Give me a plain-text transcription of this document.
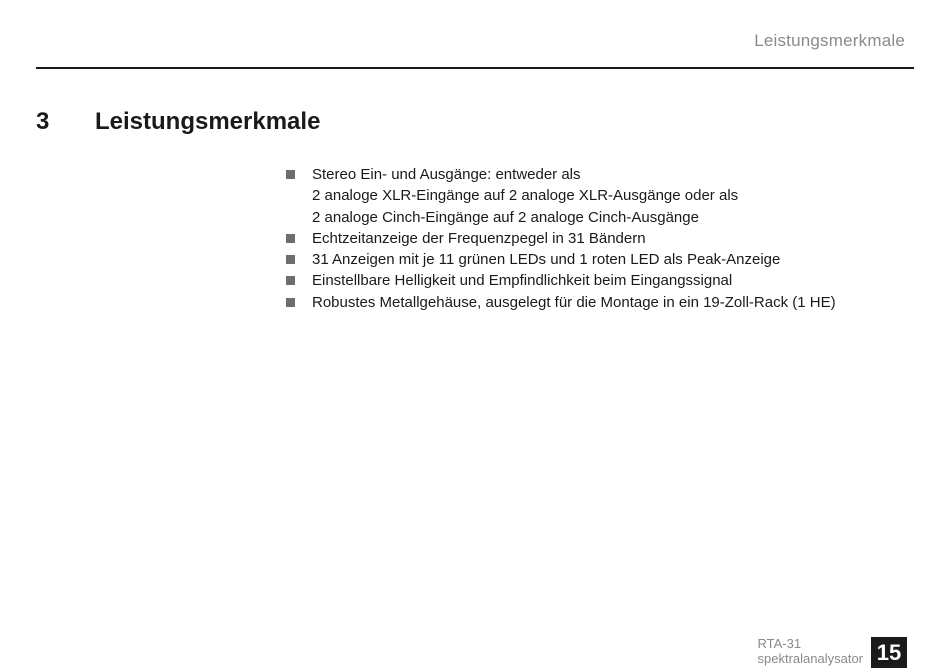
Leistungsmerkmale
3 Leistungsmerkmale
Stereo Ein- und Ausgänge: entweder als
2 analoge XLR-Eingänge auf 2 analoge XLR-Ausgänge oder als
2 analoge Cinch-Eingänge auf 2 analoge Cinch-Ausgänge
Echtzeitanzeige der Frequenzpegel in 31 Bändern
31 Anzeigen mit je 11 grünen LEDs und 1 roten LED als Peak-Anzeige
Einstellbare Helligkeit und Empfindlichkeit beim Eingangssignal
Robustes Metallgehäuse, ausgelegt für die Montage in ein 19-Zoll-Rack (1 HE)
RTA-31
spektralanalysator 15
